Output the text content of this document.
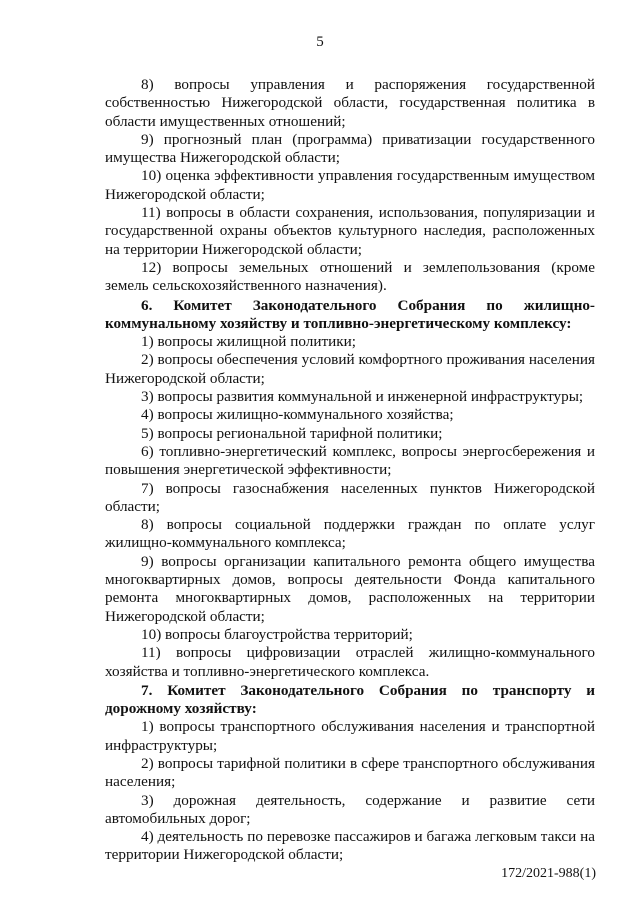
5

8) вопросы управления и распоряжения государственной собственностью Нижегородской области, государственная политика в области имущественных отношений;

9) прогнозный план (программа) приватизации государственного имущества Нижегородской области;

10) оценка эффективности управления государственным имуществом Нижегородской области;

11) вопросы в области сохранения, использования, популяризации и государственной охраны объектов культурного наследия, расположенных на территории Нижегородской области;

12) вопросы земельных отношений и землепользования (кроме земель сельскохозяйственного назначения).

6. Комитет Законодательного Собрания по жилищно-коммунальному хозяйству и топливно-энергетическому комплексу:

1) вопросы жилищной политики;

2) вопросы обеспечения условий комфортного проживания населения Нижегородской области;

3) вопросы развития коммунальной и инженерной инфраструктуры;

4) вопросы жилищно-коммунального хозяйства;

5) вопросы региональной тарифной политики;

6) топливно-энергетический комплекс, вопросы энергосбережения и повышения энергетической эффективности;

7) вопросы газоснабжения населенных пунктов Нижегородской области;

8) вопросы социальной поддержки граждан по оплате услуг жилищно-коммунального комплекса;

9) вопросы организации капитального ремонта общего имущества многоквартирных домов, вопросы деятельности Фонда капитального ремонта многоквартирных домов, расположенных на территории Нижегородской области;

10) вопросы благоустройства территорий;

11) вопросы цифровизации отраслей жилищно-коммунального хозяйства и топливно-энергетического комплекса.

7. Комитет Законодательного Собрания по транспорту и дорожному хозяйству:

1) вопросы транспортного обслуживания населения и транспортной инфраструктуры;

2) вопросы тарифной политики в сфере транспортного обслуживания населения;

3) дорожная деятельность, содержание и развитие сети автомобильных дорог;

4) деятельность по перевозке пассажиров и багажа легковым такси на территории Нижегородской области;

172/2021-988(1)
